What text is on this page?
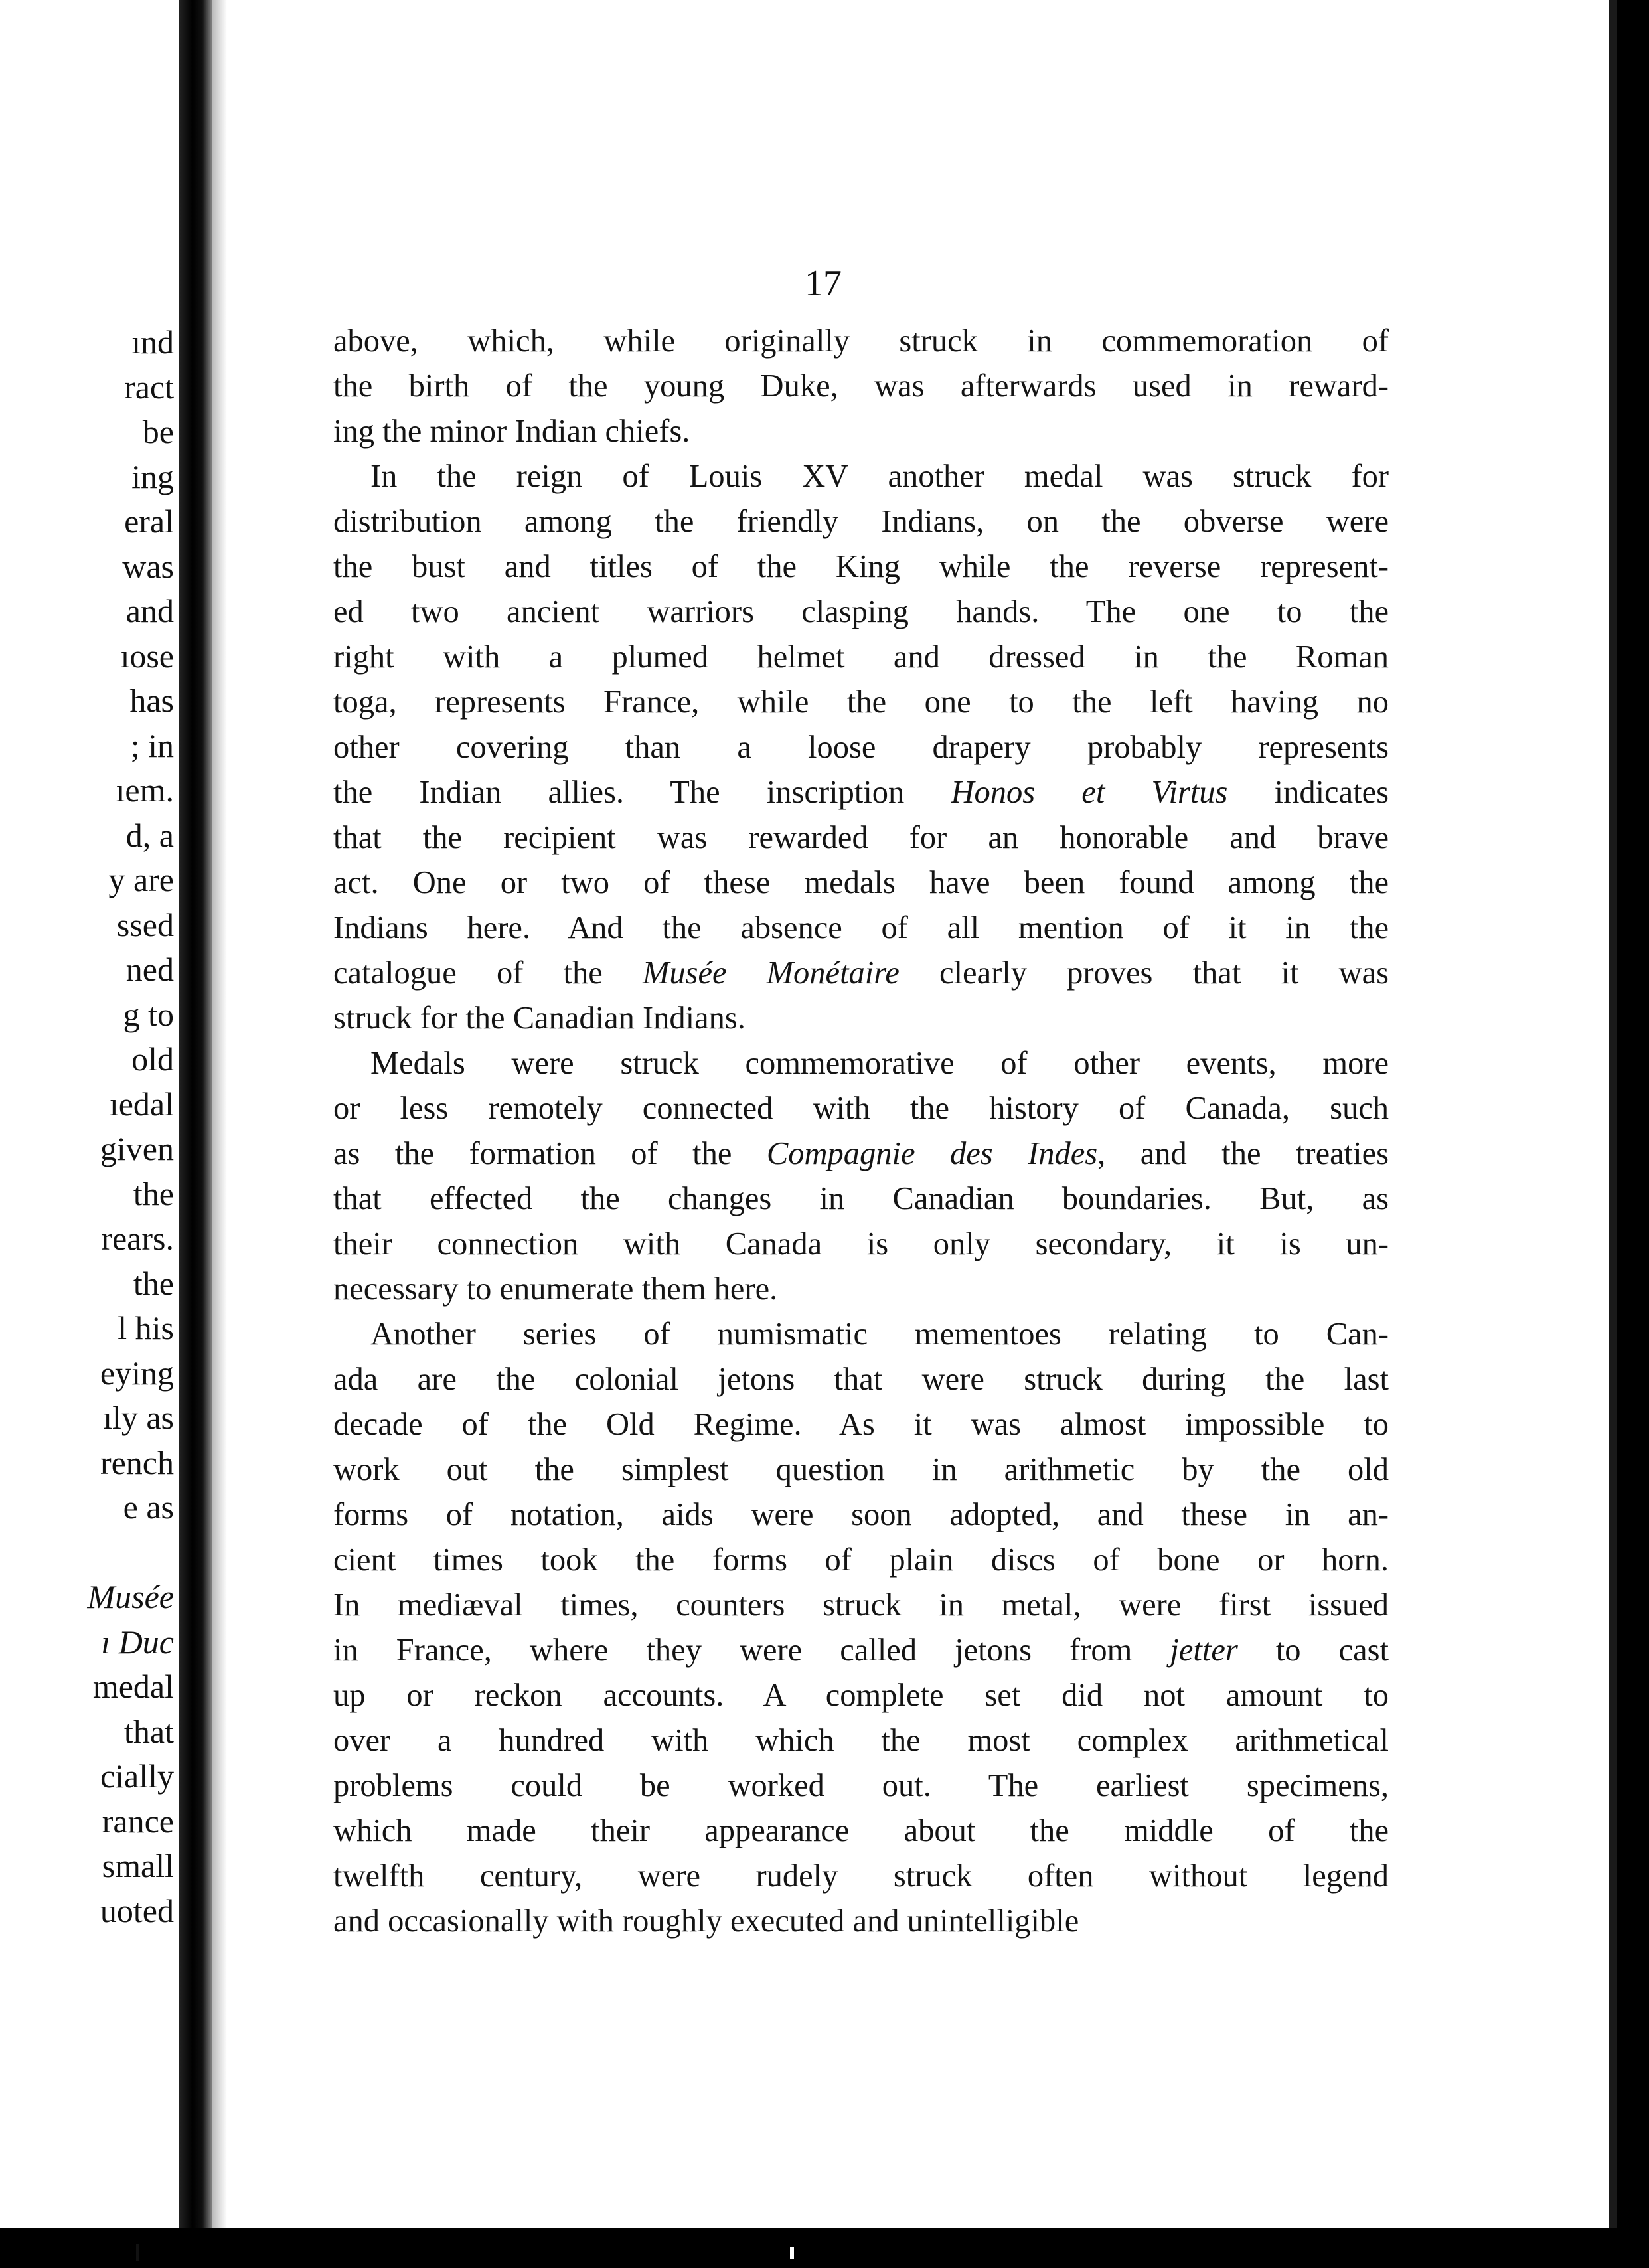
ınd
ract
be
ing
eral
was
and
ıose
has
; in
ıem.
d, a
y are
ssed
ned
g to
old
ıedal
given
the
rears.
the
l his
eying
ıly as
rench
e as
Musée
ı Duc
medal
that
cially
rance
small
uoted
17
above, which, while originally struck in commemoration of
the birth of the young Duke, was afterwards used in reward-
ing the minor Indian chiefs.
In the reign of Louis XV another medal was struck for
distribution among the friendly Indians, on the obverse were
the bust and titles of the King while the reverse represent-
ed two ancient warriors clasping hands. The one to the
right with a plumed helmet and dressed in the Roman
toga, represents France, while the one to the left having no
other covering than a loose drapery probably represents
the Indian allies. The inscription Honos et Virtus indicates
that the recipient was rewarded for an honorable and brave
act. One or two of these medals have been found among the
Indians here. And the absence of all mention of it in the
catalogue of the Musée Monétaire clearly proves that it was
struck for the Canadian Indians.
Medals were struck commemorative of other events, more
or less remotely connected with the history of Canada, such
as the formation of the Compagnie des Indes, and the treaties
that effected the changes in Canadian boundaries. But, as
their connection with Canada is only secondary, it is un-
necessary to enumerate them here.
Another series of numismatic mementoes relating to Can-
ada are the colonial jetons that were struck during the last
decade of the Old Regime. As it was almost impossible to
work out the simplest question in arithmetic by the old
forms of notation, aids were soon adopted, and these in an-
cient times took the forms of plain discs of bone or horn.
In mediæval times, counters struck in metal, were first issued
in France, where they were called jetons from jetter to cast
up or reckon accounts. A complete set did not amount to
over a hundred with which the most complex arithmetical
problems could be worked out. The earliest specimens,
which made their appearance about the middle of the
twelfth century, were rudely struck often without legend
and occasionally with roughly executed and unintelligible
